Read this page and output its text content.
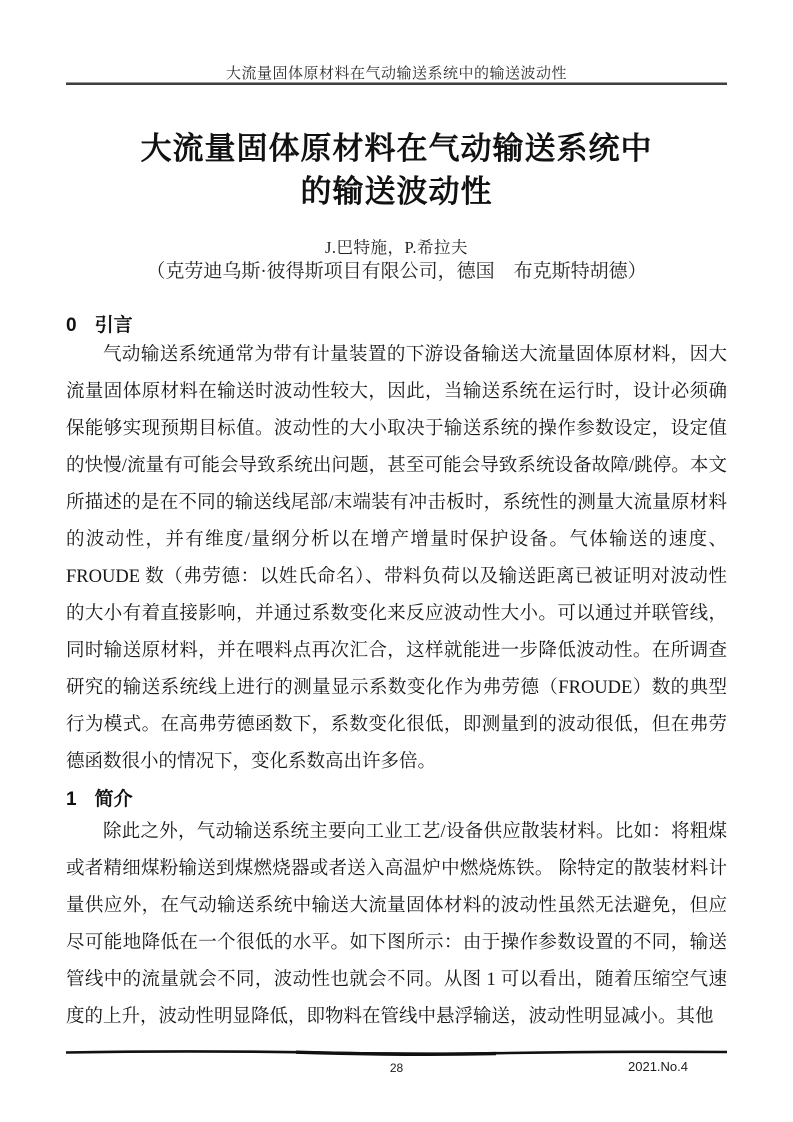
大流量固体原材料在气动输送系统中的输送波动性
大流量固体原材料在气动输送系统中
的输送波动性
J.巴特施，P.希拉夫
（克劳迪乌斯·彼得斯项目有限公司，德国　布克斯特胡德）
0 引言

气动输送系统通常为带有计量装置的下游设备输送大流量固体原材料，因大流量固体原材料在输送时波动性较大，因此，当输送系统在运行时，设计必须确保能够实现预期目标值。波动性的大小取决于输送系统的操作参数设定，设定值的快慢/流量有可能会导致系统出问题，甚至可能会导致系统设备故障/跳停。本文所描述的是在不同的输送线尾部/末端装有冲击板时，系统性的测量大流量原材料的波动性，并有维度/量纲分析以在增产增量时保护设备。气体输送的速度、FROUDE 数（弗劳德：以姓氏命名）、带料负荷以及输送距离已被证明对波动性的大小有着直接影响，并通过系数变化来反应波动性大小。可以通过并联管线，同时输送原材料，并在喂料点再次汇合，这样就能进一步降低波动性。在所调查研究的输送系统线上进行的测量显示系数变化作为弗劳德（FROUDE）数的典型行为模式。在高弗劳德函数下，系数变化很低，即测量到的波动很低，但在弗劳德函数很小的情况下，变化系数高出许多倍。

1 简介

除此之外，气动输送系统主要向工业工艺/设备供应散装材料。比如：将粗煤或者精细煤粉输送到煤燃烧器或者送入高温炉中燃烧炼铁。 除特定的散装材料计量供应外，在气动输送系统中输送大流量固体材料的波动性虽然无法避免，但应尽可能地降低在一个很低的水平。如下图所示：由于操作参数设置的不同，输送管线中的流量就会不同，波动性也就会不同。从图 1 可以看出，随着压缩空气速度的上升，波动性明显降低，即物料在管线中悬浮输送，波动性明显减小。其他

28	2021.No.4
